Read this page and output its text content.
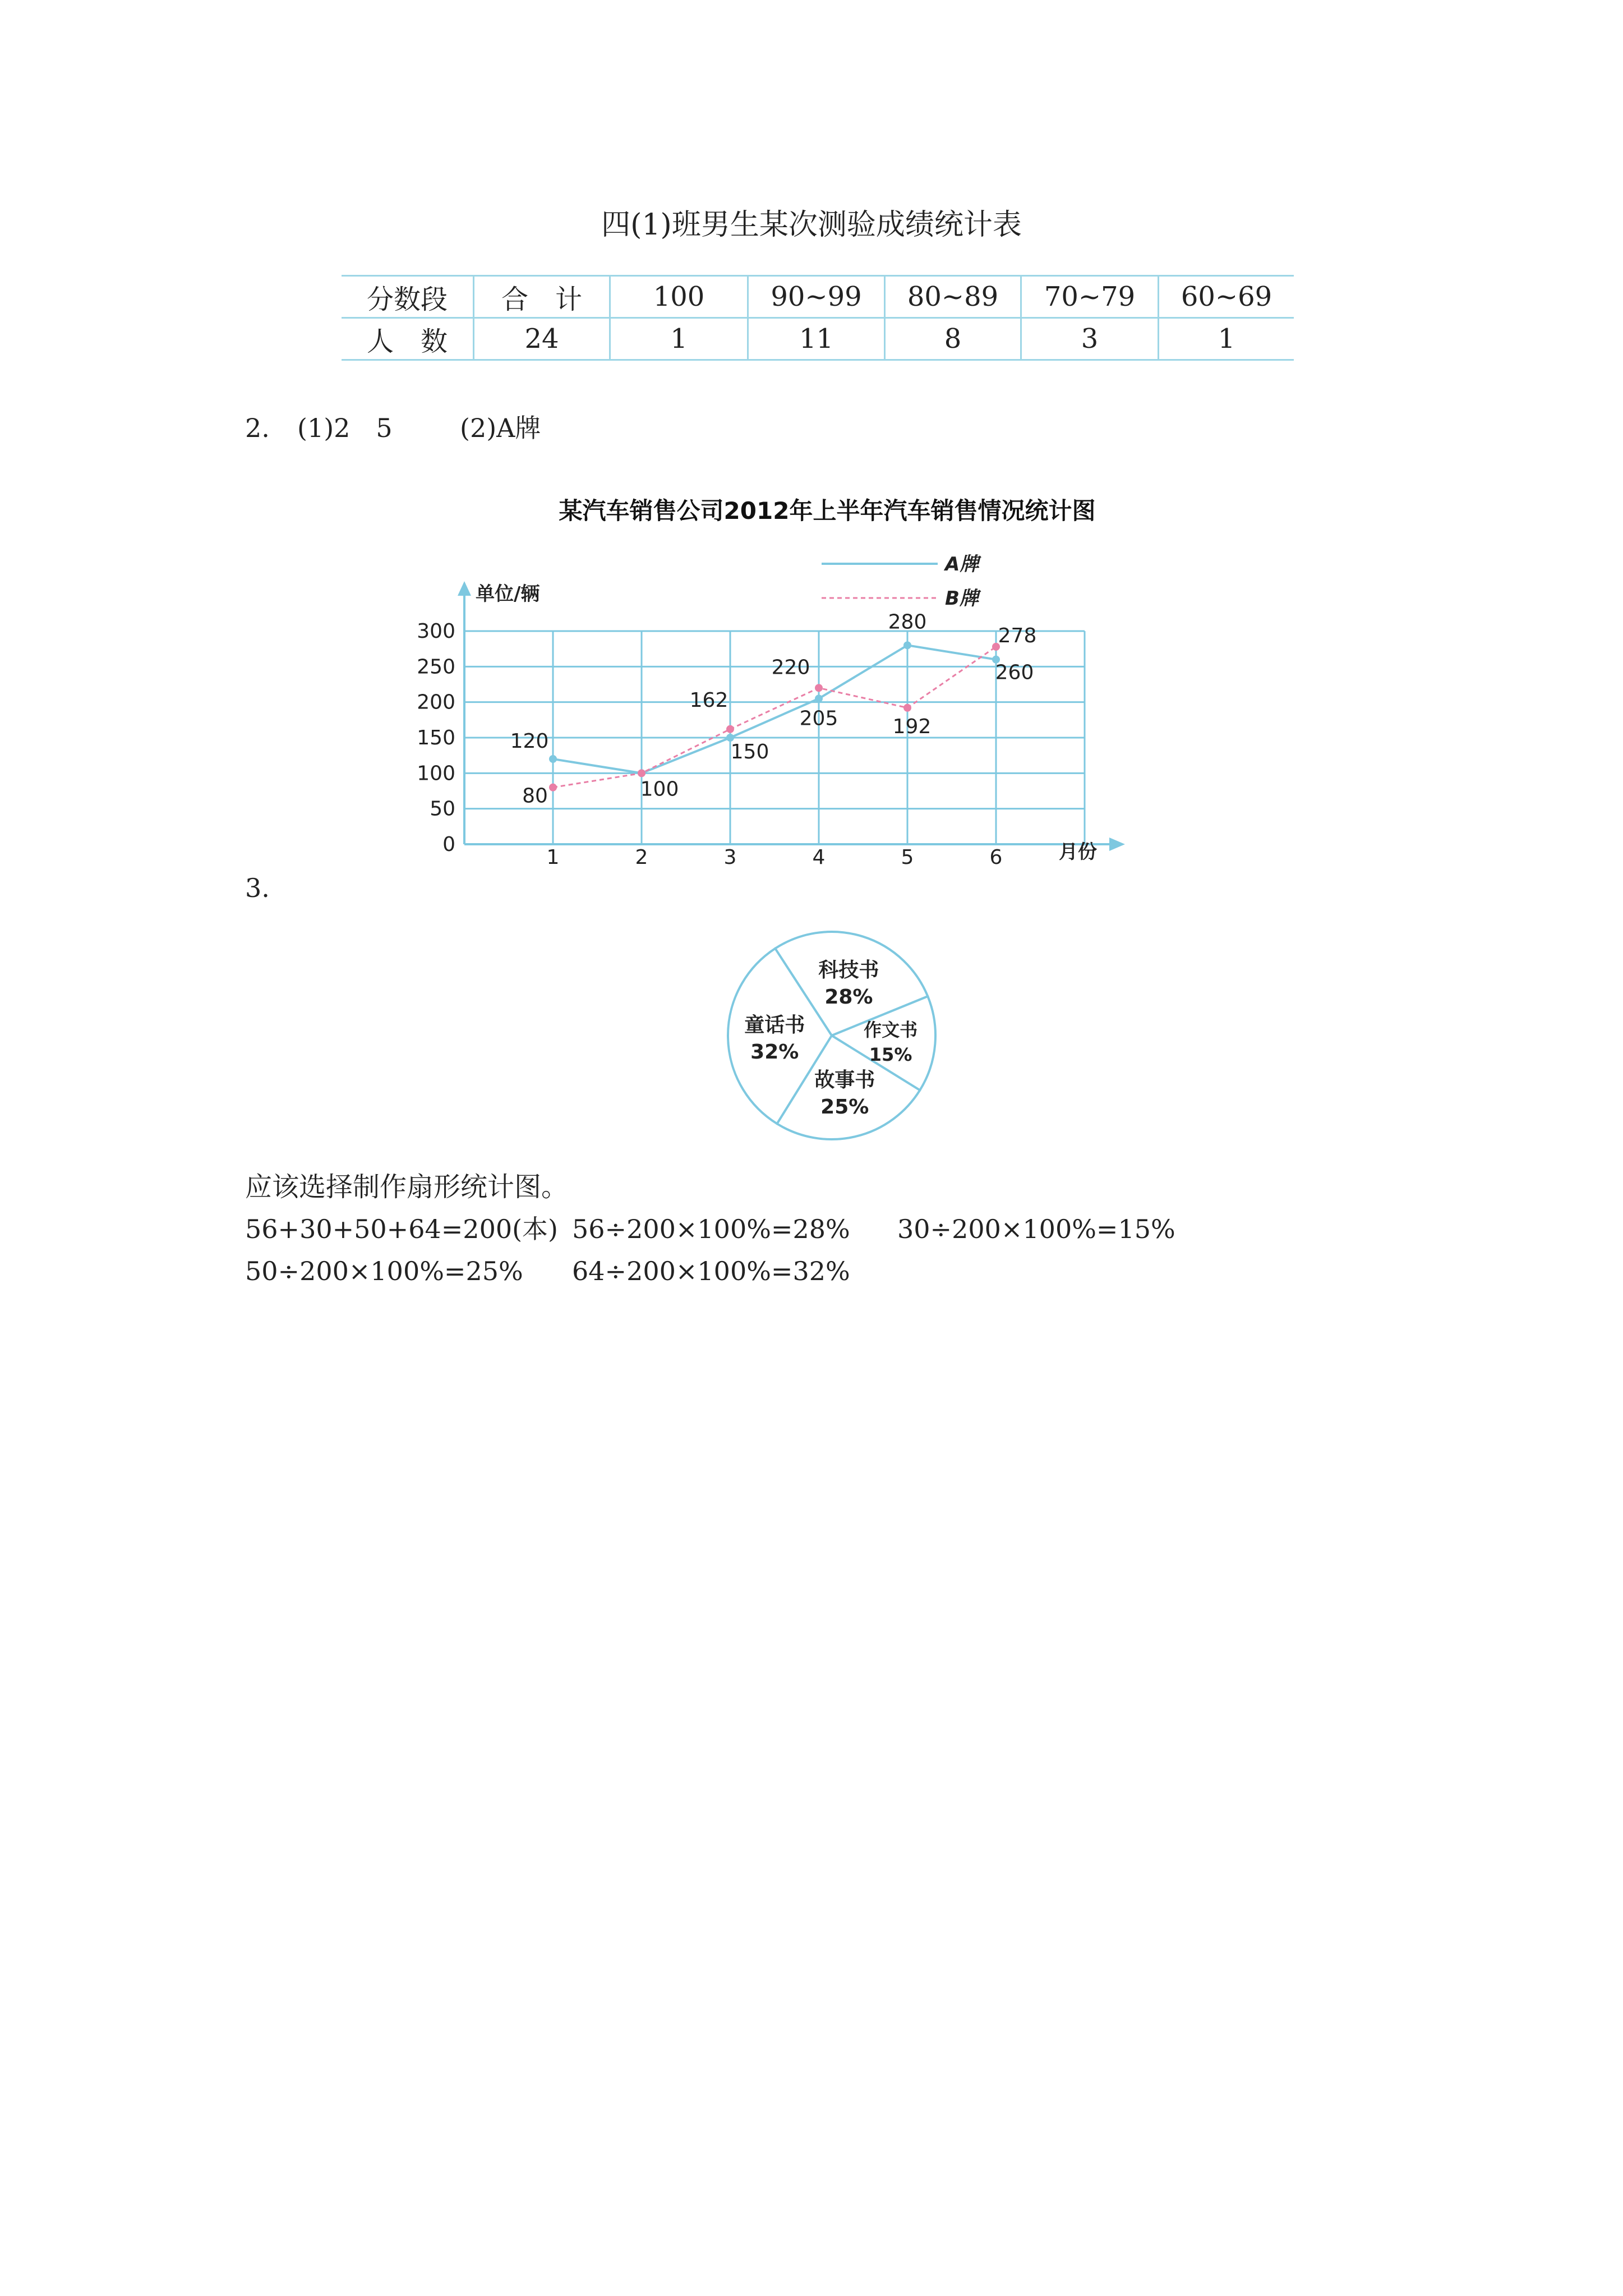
四(1)班男生某次测验成绩统计表
分数段	合　计	100	90~99	80~89	70~79	60~69
人　数	24	1	11	8	3	1
2. (1)2　5	(2)A牌
某汽车销售公司2012年上半年汽车销售情况统计图
0
50
100
150
200
250
300
1	2	3	4	5	6
单位/辆
月份
A牌
B牌
120
100
150
205
280
260
80
162
220
192
278
3.
科技书
28%
作文书
15%
故事书
25%
童话书
32%
应该选择制作扇形统计图。
56+30+50+64=200(本) 56÷200×100%=28% 30÷200×100%=15%
50÷200×100%=25% 64÷200×100%=32%
